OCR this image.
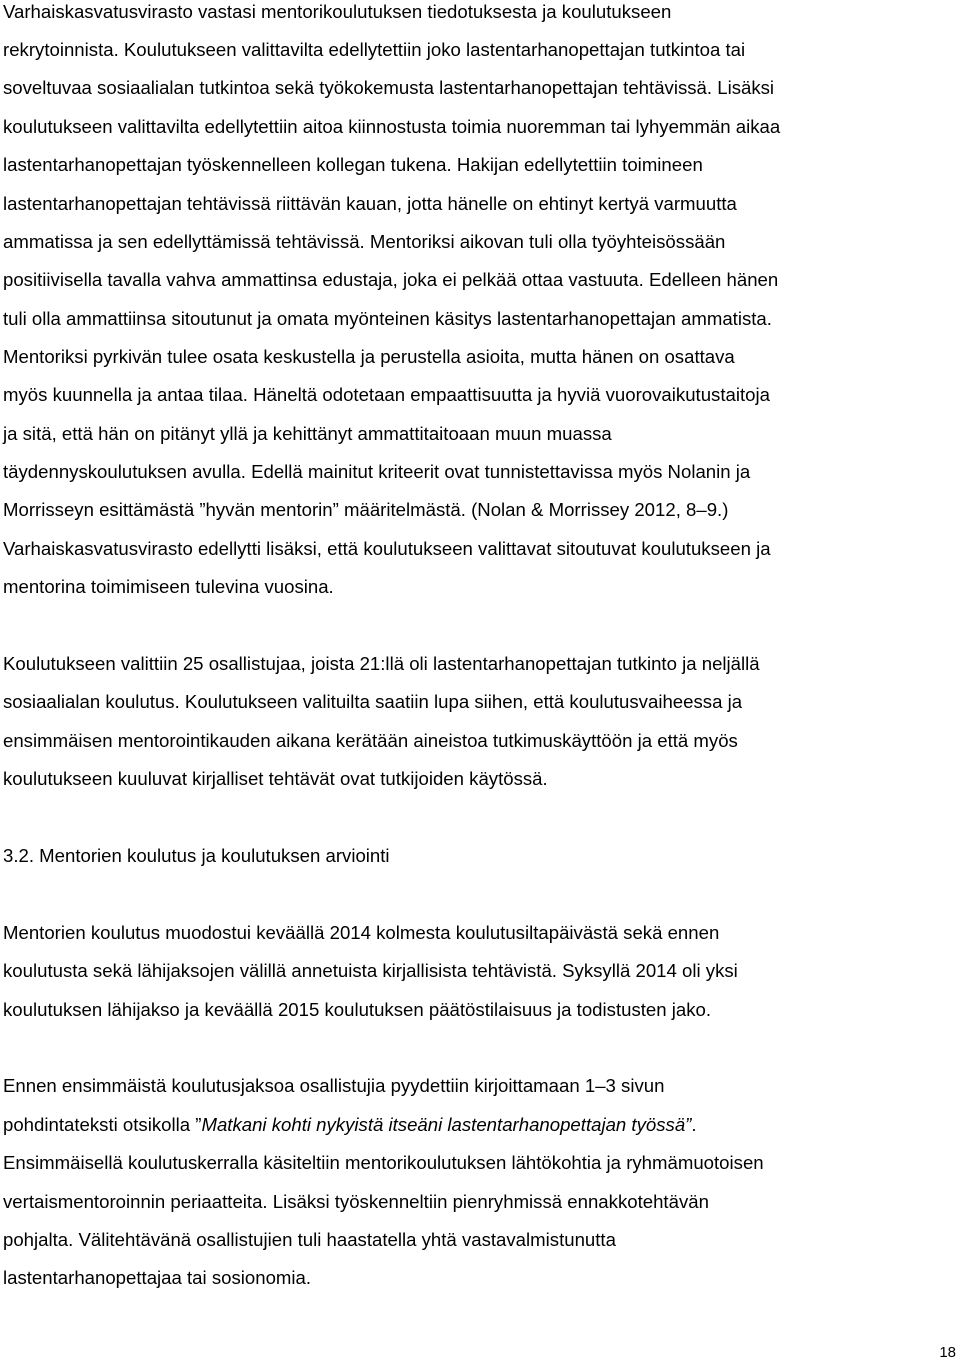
Varhaiskasvatusvirasto vastasi mentorikoulutuksen tiedotuksesta ja koulutukseen
rekrytoinnista. Koulutukseen valittavilta edellytettiin joko lastentarhanopettajan tutkintoa tai
soveltuvaa sosiaalialan tutkintoa sekä työkokemusta lastentarhanopettajan tehtävissä. Lisäksi
koulutukseen valittavilta edellytettiin aitoa kiinnostusta toimia nuoremman tai lyhyemmän aikaa
lastentarhanopettajan työskennelleen kollegan tukena. Hakijan edellytettiin toimineen
lastentarhanopettajan tehtävissä riittävän kauan, jotta hänelle on ehtinyt kertyä varmuutta
ammatissa ja sen edellyttämissä tehtävissä. Mentoriksi aikovan tuli olla työyhteisössään
positiivisella tavalla vahva ammattinsa edustaja, joka ei pelkää ottaa vastuuta. Edelleen hänen
tuli olla ammattiinsa sitoutunut ja omata myönteinen käsitys lastentarhanopettajan ammatista.
Mentoriksi pyrkivän tulee osata keskustella ja perustella asioita, mutta hänen on osattava
myös kuunnella ja antaa tilaa. Häneltä odotetaan empaattisuutta ja hyviä vuorovaikutustaitoja
ja sitä, että hän on pitänyt yllä ja kehittänyt ammattitaitoaan muun muassa
täydennyskoulutuksen avulla. Edellä mainitut kriteerit ovat tunnistettavissa myös Nolanin ja
Morrisseyn esittämästä ”hyvän mentorin” määritelmästä. (Nolan & Morrissey 2012, 8–9.)
Varhaiskasvatusvirasto edellytti lisäksi, että koulutukseen valittavat sitoutuvat koulutukseen ja
mentorina toimimiseen tulevina vuosina.
Koulutukseen valittiin 25 osallistujaa, joista 21:llä oli lastentarhanopettajan tutkinto ja neljällä
sosiaalialan koulutus. Koulutukseen valituilta saatiin lupa siihen, että koulutusvaiheessa ja
ensimmäisen mentorointikauden aikana kerätään aineistoa tutkimuskäyttöön ja että myös
koulutukseen kuuluvat kirjalliset tehtävät ovat tutkijoiden käytössä.
3.2. Mentorien koulutus ja koulutuksen arviointi
Mentorien koulutus muodostui keväällä 2014 kolmesta koulutusiltapäivästä sekä ennen
koulutusta sekä lähijaksojen välillä annetuista kirjallisista tehtävistä. Syksyllä 2014 oli yksi
koulutuksen lähijakso ja keväällä 2015 koulutuksen päätöstilaisuus ja todistusten jako.
Ennen ensimmäistä koulutusjaksoa osallistujia pyydettiin kirjoittamaan 1–3 sivun
pohdintateksti otsikolla ”Matkani kohti nykyistä itseäni lastentarhanopettajan työssä”.
Ensimmäisellä koulutuskerralla käsiteltiin mentorikoulutuksen lähtökohtia ja ryhmämuotoisen
vertaismentoroinnin periaatteita. Lisäksi työskenneltiin pienryhmissä ennakkotehtävän
pohjalta. Välitehtävänä osallistujien tuli haastatella yhtä vastavalmistunutta
lastentarhanopettajaa tai sosionomia.
18
